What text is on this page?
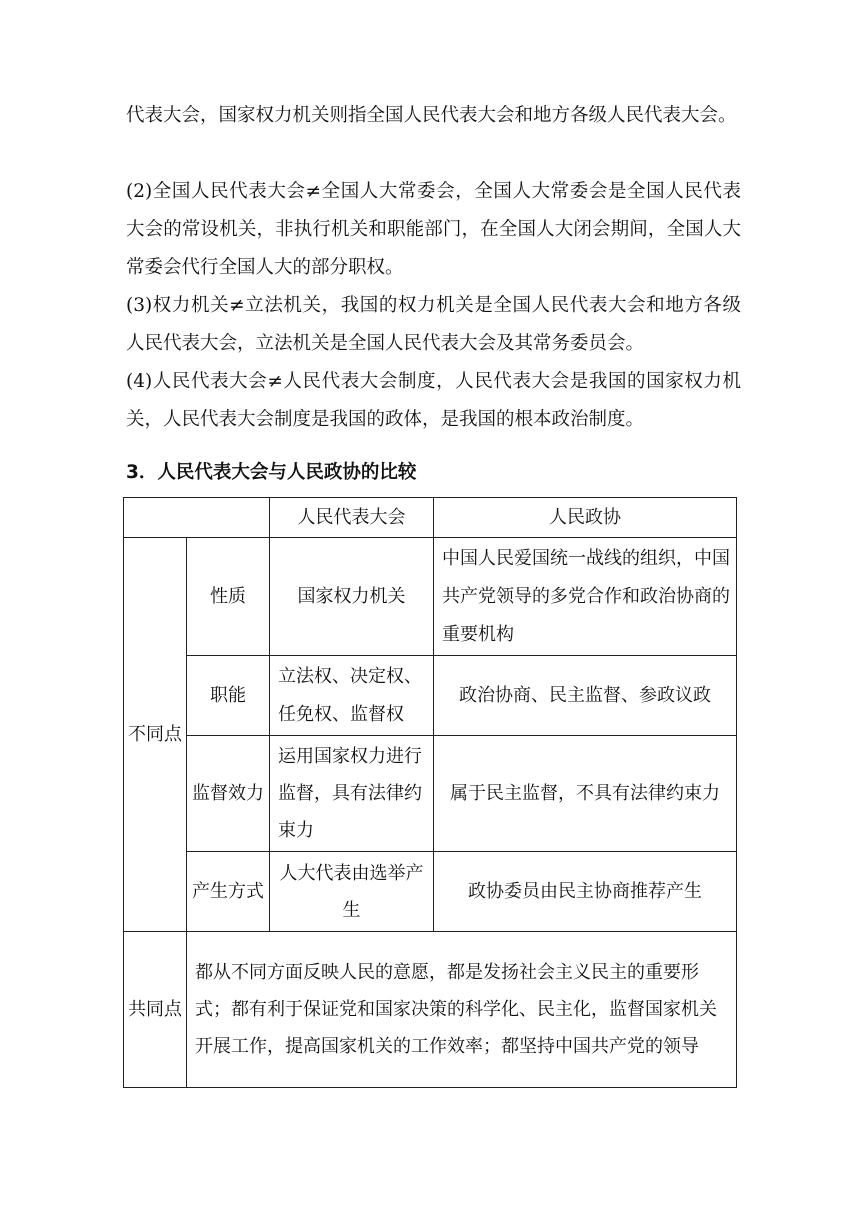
代表大会，国家权力机关则指全国人民代表大会和地方各级人民代表大会。

(2)全国人民代表大会≠全国人大常委会，全国人大常委会是全国人民代表大会的常设机关，非执行机关和职能部门，在全国人大闭会期间，全国人大常委会代行全国人大的部分职权。

(3)权力机关≠立法机关，我国的权力机关是全国人民代表大会和地方各级人民代表大会，立法机关是全国人民代表大会及其常务委员会。

(4)人民代表大会≠人民代表大会制度，人民代表大会是我国的国家权力机关，人民代表大会制度是我国的政体，是我国的根本政治制度。

3．人民代表大会与人民政协的比较
		人民代表大会	人民政协
不同点	性质	国家权力机关	中国人民爱国统一战线的组织，中国共产党领导的多党合作和政治协商的重要机构
	职能	立法权、决定权、任免权、监督权	政治协商、民主监督、参政议政
	监督效力	运用国家权力进行监督，具有法律约束力	属于民主监督，不具有法律约束力
	产生方式	人大代表由选举产生	政协委员由民主协商推荐产生
共同点	都从不同方面反映人民的意愿，都是发扬社会主义民主的重要形式；都有利于保证党和国家决策的科学化、民主化，监督国家机关开展工作，提高国家机关的工作效率；都坚持中国共产党的领导		
